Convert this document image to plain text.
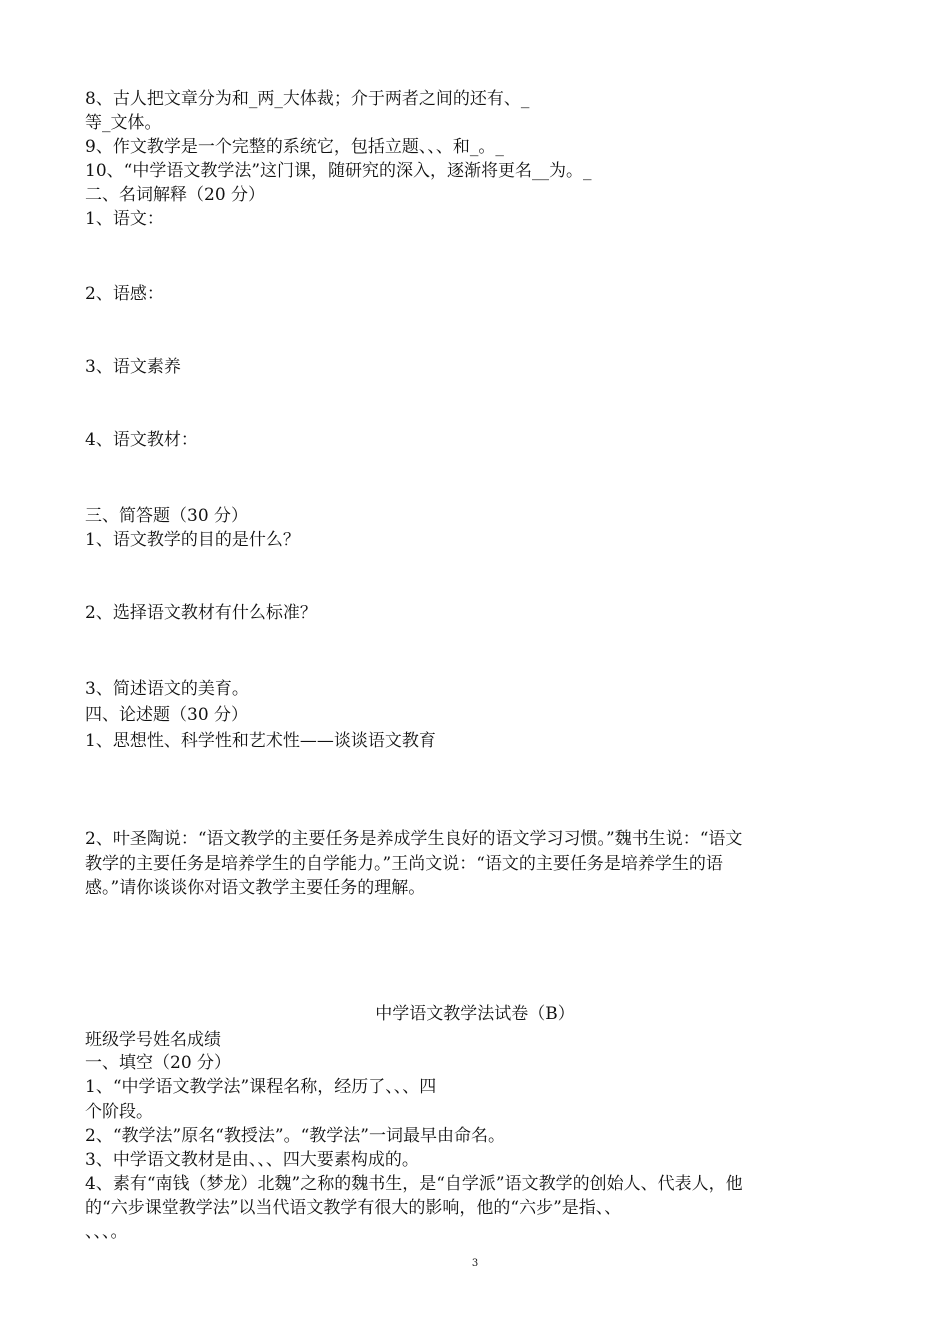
8、古人把文章分为和_两_大体裁；介于两者之间的还有、_
等_文体。
9、作文教学是一个完整的系统它，包括立题、、、和_。_
10、“中学语文教学法”这门课，随研究的深入，逐渐将更名__为。_
二、名词解释（20 分）
1、语文：
2、语感：
3、语文素养
4、语文教材：
三、简答题（30 分）
1、语文教学的目的是什么？
2、选择语文教材有什么标准？
3、简述语文的美育。
四、论述题（30 分）
1、思想性、科学性和艺术性——谈谈语文教育
2、叶圣陶说：“语文教学的主要任务是养成学生良好的语文学习习惯。”魏书生说：“语文
教学的主要任务是培养学生的自学能力。”王尚文说：“语文的主要任务是培养学生的语
感。”请你谈谈你对语文教学主要任务的理解。
中学语文教学法试卷（B）
班级学号姓名成绩
一、填空（20 分）
1、“中学语文教学法”课程名称，经历了、、、四
个阶段。
2、“教学法”原名“教授法”。“教学法”一词最早由命名。
3、中学语文教材是由、、、四大要素构成的。
4、素有“南钱（梦龙）北魏”之称的魏书生，是“自学派”语文教学的创始人、代表人，他
的“六步课堂教学法”以当代语文教学有很大的影响，他的“六步”是指、、
、、、。
3
